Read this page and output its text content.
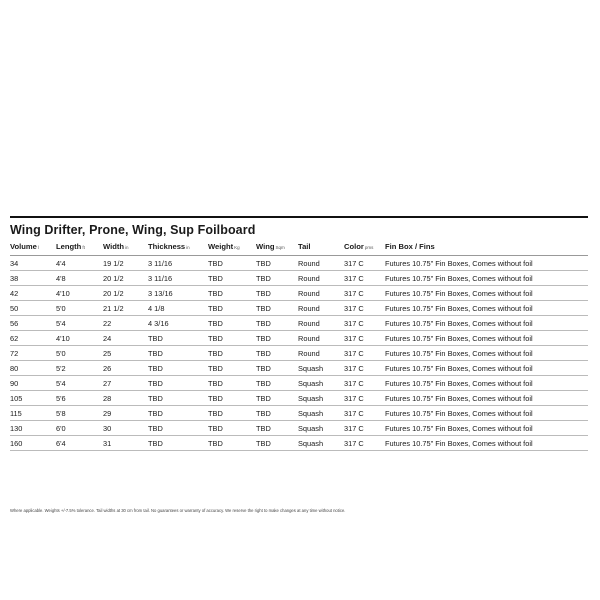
Wing Drifter, Prone, Wing, Sup Foilboard
Volumel	Lengthft	Widthin	Thicknessin	WeightKg	WingSqm	Tail	Colorpms	Fin Box / Fins
34	4'4	19 1/2	3 11/16	TBD	TBD	Round	317 C	Futures 10.75" Fin Boxes, Comes without foil
38	4'8	20 1/2	3 11/16	TBD	TBD	Round	317 C	Futures 10.75" Fin Boxes, Comes without foil
42	4'10	20 1/2	3 13/16	TBD	TBD	Round	317 C	Futures 10.75" Fin Boxes, Comes without foil
50	5'0	21 1/2	4 1/8	TBD	TBD	Round	317 C	Futures 10.75" Fin Boxes, Comes without foil
56	5'4	22	4 3/16	TBD	TBD	Round	317 C	Futures 10.75" Fin Boxes, Comes without foil
62	4'10	24	TBD	TBD	TBD	Round	317 C	Futures 10.75" Fin Boxes, Comes without foil
72	5'0	25	TBD	TBD	TBD	Round	317 C	Futures 10.75" Fin Boxes, Comes without foil
80	5'2	26	TBD	TBD	TBD	Squash	317 C	Futures 10.75" Fin Boxes, Comes without foil
90	5'4	27	TBD	TBD	TBD	Squash	317 C	Futures 10.75" Fin Boxes, Comes without foil
105	5'6	28	TBD	TBD	TBD	Squash	317 C	Futures 10.75" Fin Boxes, Comes without foil
115	5'8	29	TBD	TBD	TBD	Squash	317 C	Futures 10.75" Fin Boxes, Comes without foil
130	6'0	30	TBD	TBD	TBD	Squash	317 C	Futures 10.75" Fin Boxes, Comes without foil
160	6'4	31	TBD	TBD	TBD	Squash	317 C	Futures 10.75" Fin Boxes, Comes without foil
Where applicable. Weights +/-7.5% tolerance. Tail widths at 30 cm from tail. No guarantees or warranty of accuracy. We reserve the right to make changes at any time without notice.
